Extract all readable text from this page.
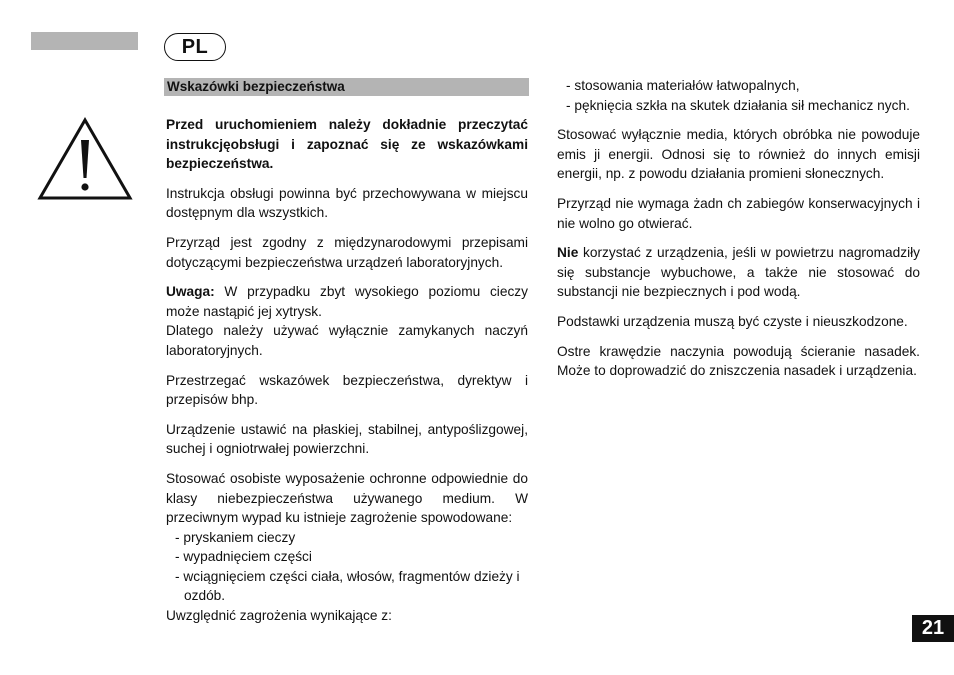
PL
Wskazówki bezpieczeństwa

Przed uruchomieniem należy dokładnie przeczytać instrukcjęobsługi i zapoznać się ze wskazówkami bezpieczeństwa.

Instrukcja obsługi powinna być przechowywana w miejscu dostępnym dla wszystkich.

Przyrząd jest zgodny z międzynarodowymi przepisami dotyczącymi bezpieczeństwa urządzeń laboratoryjnych.

Uwaga: W przypadku zbyt wysokiego poziomu cieczy może nastąpić jej xytrysk.
Dlatego należy używać wyłącznie zamykanych naczyń laboratoryjnych.

Przestrzegać wskazówek bezpieczeństwa, dyrektyw i przepisów bhp.

Urządzenie ustawić na płaskiej, stabilnej, antypoślizgowej, suchej i ogniotrwałej powierzchni.

Stosować osobiste wyposażenie ochronne odpowiednie do klasy niebezpieczeństwa używanego medium. W przeciwnym wypad ku istnieje zagrożenie spowodowane:

- pryskaniem cieczy

- wypadnięciem części

- wciągnięciem części ciała, włosów, fragmentów dzieży i ozdób.

Uwzględnić zagrożenia wynikające z:

- stosowania materiałów łatwopalnych,

- pęknięcia szkła na skutek działania sił mechanicz nych.

Stosować wyłącznie media, których obróbka nie powoduje emis ji energii. Odnosi się to również do innych emisji energii, np. z powodu działania promieni słonecznych.

Przyrząd nie wymaga żadn ch zabiegów konserwacyjnych i nie wolno go otwierać.

Nie korzystać z urządzenia, jeśli w powietrzu nagromadziły się substancje wybuchowe, a także nie stosować do substancji nie bezpiecznych i pod wodą.

Podstawki urządzenia muszą być czyste i nieuszkodzone.

Ostre krawędzie naczynia powodują ścieranie nasadek. Może to doprowadzić do zniszczenia nasadek i urządzenia.

21
